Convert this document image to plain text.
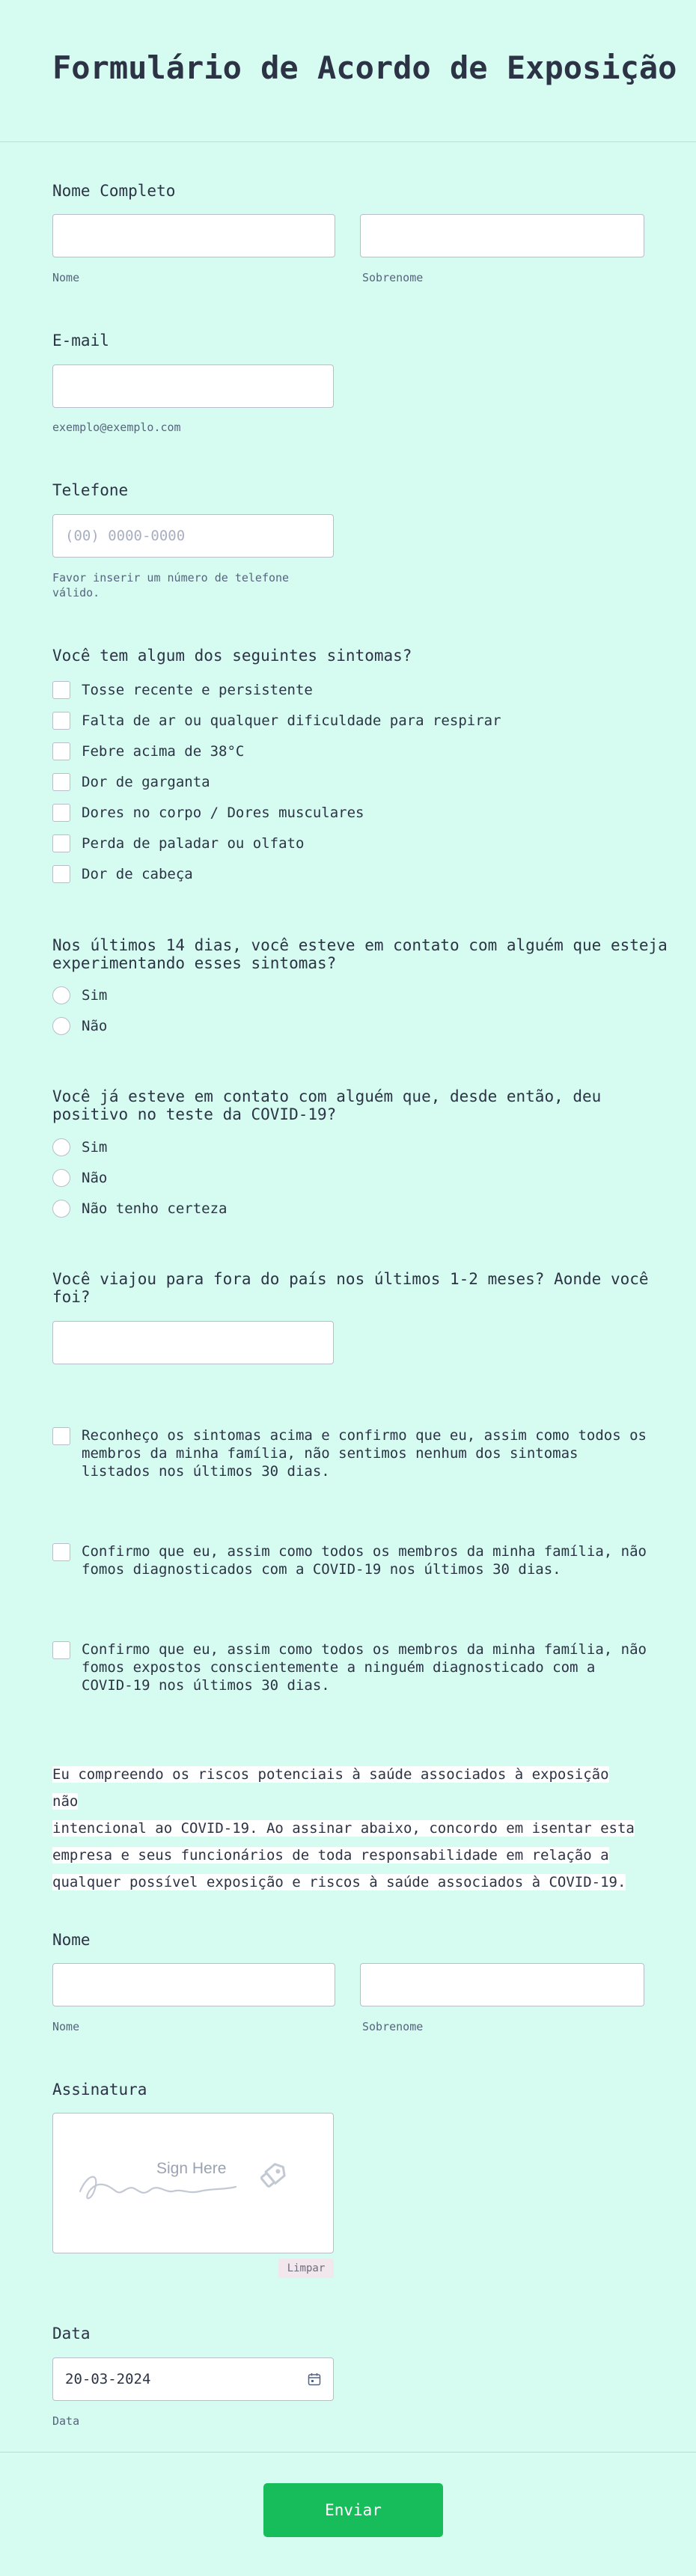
Formulário de Acordo de Exposição
Nome Completo
Nome	Sobrenome
E-mail
exemplo@exemplo.com
Telefone
(00) 0000-0000
Favor inserir um número de telefone
válido.
Você tem algum dos seguintes sintomas?
Tosse recente e persistente
Falta de ar ou qualquer dificuldade para respirar
Febre acima de 38°C
Dor de garganta
Dores no corpo / Dores musculares
Perda de paladar ou olfato
Dor de cabeça
Nos últimos 14 dias, você esteve em contato com alguém que esteja
experimentando esses sintomas?
Sim
Não
Você já esteve em contato com alguém que, desde então, deu
positivo no teste da COVID-19?
Sim
Não
Não tenho certeza
Você viajou para fora do país nos últimos 1-2 meses? Aonde você
foi?
Reconheço os sintomas acima e confirmo que eu, assim como todos os
membros da minha família, não sentimos nenhum dos sintomas
listados nos últimos 30 dias.
Confirmo que eu, assim como todos os membros da minha família, não
fomos diagnosticados com a COVID-19 nos últimos 30 dias.
Confirmo que eu, assim como todos os membros da minha família, não
fomos expostos conscientemente a ninguém diagnosticado com a
COVID-19 nos últimos 30 dias.
Eu compreendo os riscos potenciais à saúde associados à exposição não
intencional ao COVID-19. Ao assinar abaixo, concordo em isentar esta
empresa e seus funcionários de toda responsabilidade em relação a
qualquer possível exposição e riscos à saúde associados à COVID-19.
Nome
Nome	Sobrenome
Assinatura
Sign Here
Limpar
Data
20-03-2024
Data
Enviar
